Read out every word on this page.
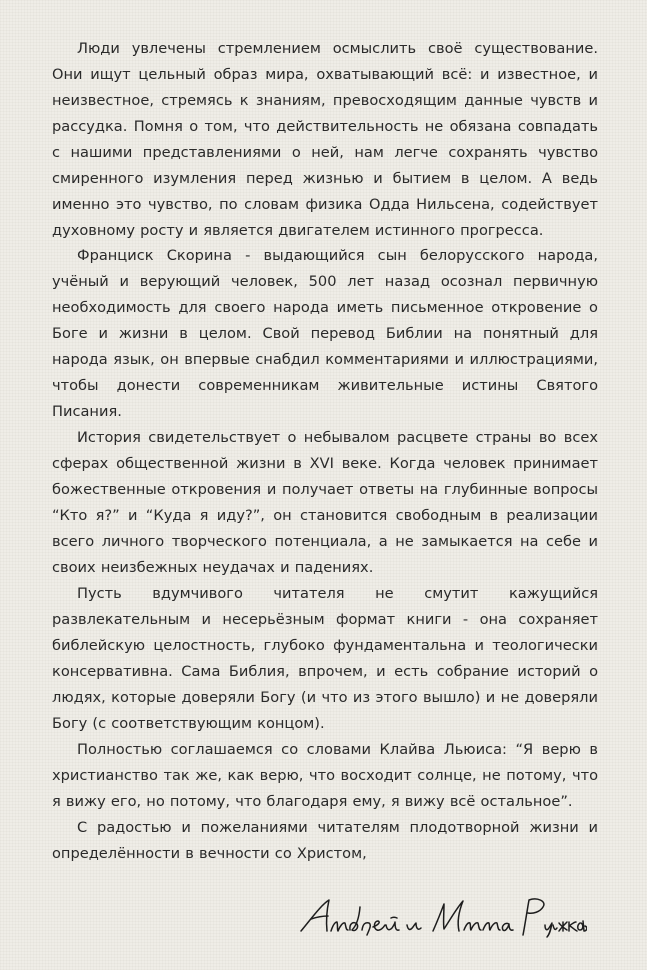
Люди увлечены стремлением осмыслить своё существование. Они ищут цельный образ мира, охватывающий всё: и известное, и неизвестное, стремясь к знаниям, превосходящим данные чувств и рассудка. Помня о том, что действительность не обязана совпадать с нашими представлениями о ней, нам легче сохранять чувство смиренного изумления перед жизнью и бытием в целом. А ведь именно это чувство, по словам физика Одда Нильсена, содействует духовному росту и является двигателем истинного прогресса.

Франциск Скорина - выдающийся сын белорусского народа, учёный и верующий человек, 500 лет назад осознал первичную необходимость для своего народа иметь письменное откровение о Боге и жизни в целом. Свой перевод Библии на понятный для народа язык, он впервые снабдил комментариями и иллюстрациями, чтобы донести современникам живительные истины Святого Писания.

История свидетельствует о небывалом расцвете страны во всех сферах общественной жизни в XVI веке. Когда человек принимает божественные откровения и получает ответы на глубинные вопросы “Кто я?” и “Куда я иду?”, он становится свободным в реализации всего личного творческого потенциала, а не замыкается на себе и своих неизбежных неудачах и падениях.

Пусть вдумчивого читателя не смутит кажущийся развлекательным и несерьёзным формат книги - она сохраняет библейскую целостность, глубоко фундаментальна и теологически консервативна. Сама Библия, впрочем, и есть собрание историй о людях, которые доверяли Богу (и что из этого вышло) и не доверяли Богу (с соответствующим концом).

Полностью соглашаемся со словами Клайва Льюиса: “Я верю в христианство так же, как верю, что восходит солнце, не потому, что я вижу его, но потому, что благодаря ему, я вижу всё остальное”.

С радостью и пожеланиями читателям плодотворной жизни и определённости в вечности со Христом,
